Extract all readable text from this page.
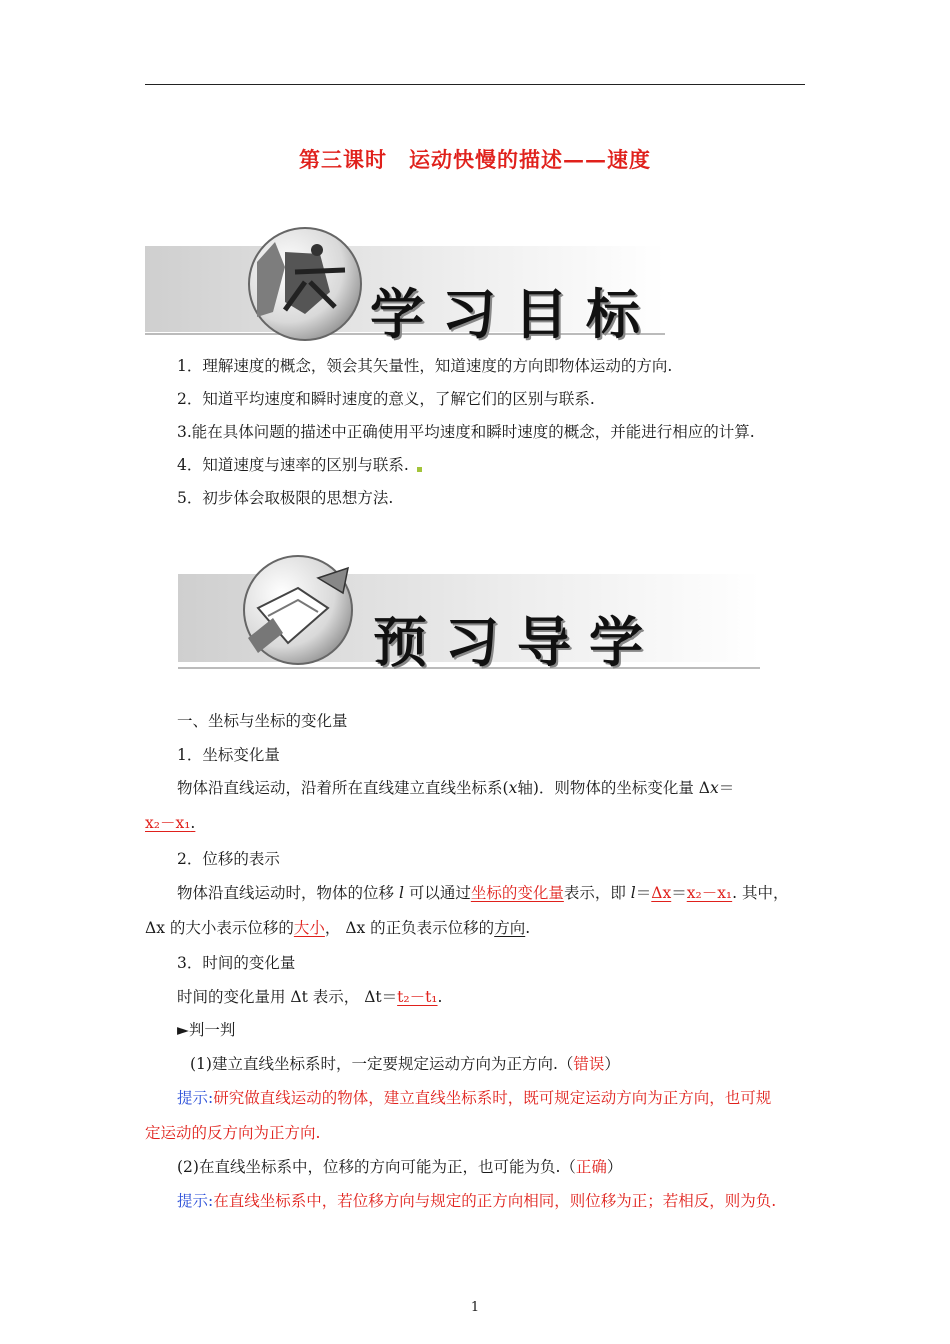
第三课时　运动快慢的描述——速度
学习目标
1．理解速度的概念，领会其矢量性，知道速度的方向即物体运动的方向.
2．知道平均速度和瞬时速度的意义，了解它们的区别与联系.
3.能在具体问题的描述中正确使用平均速度和瞬时速度的概念，并能进行相应的计算.
4．知道速度与速率的区别与联系.
5．初步体会取极限的思想方法.
预习导学
一、坐标与坐标的变化量
1．坐标变化量
物体沿直线运动，沿着所在直线建立直线坐标系(x轴)．则物体的坐标变化量 Δx＝
x₂－x₁.
2．位移的表示
物体沿直线运动时，物体的位移 l 可以通过坐标的变化量表示，即 l＝Δx＝x₂－x₁. 其中，
Δx 的大小表示位移的大小， Δx 的正负表示位移的方向.
3．时间的变化量
时间的变化量用 Δt 表示， Δt＝t₂－t₁.
►判一判
(1)建立直线坐标系时，一定要规定运动方向为正方向.（错误）
提示:研究做直线运动的物体，建立直线坐标系时，既可规定运动方向为正方向，也可规
定运动的反方向为正方向.
(2)在直线坐标系中，位移的方向可能为正，也可能为负.（正确）
提示:在直线坐标系中，若位移方向与规定的正方向相同，则位移为正；若相反，则为负.
1
